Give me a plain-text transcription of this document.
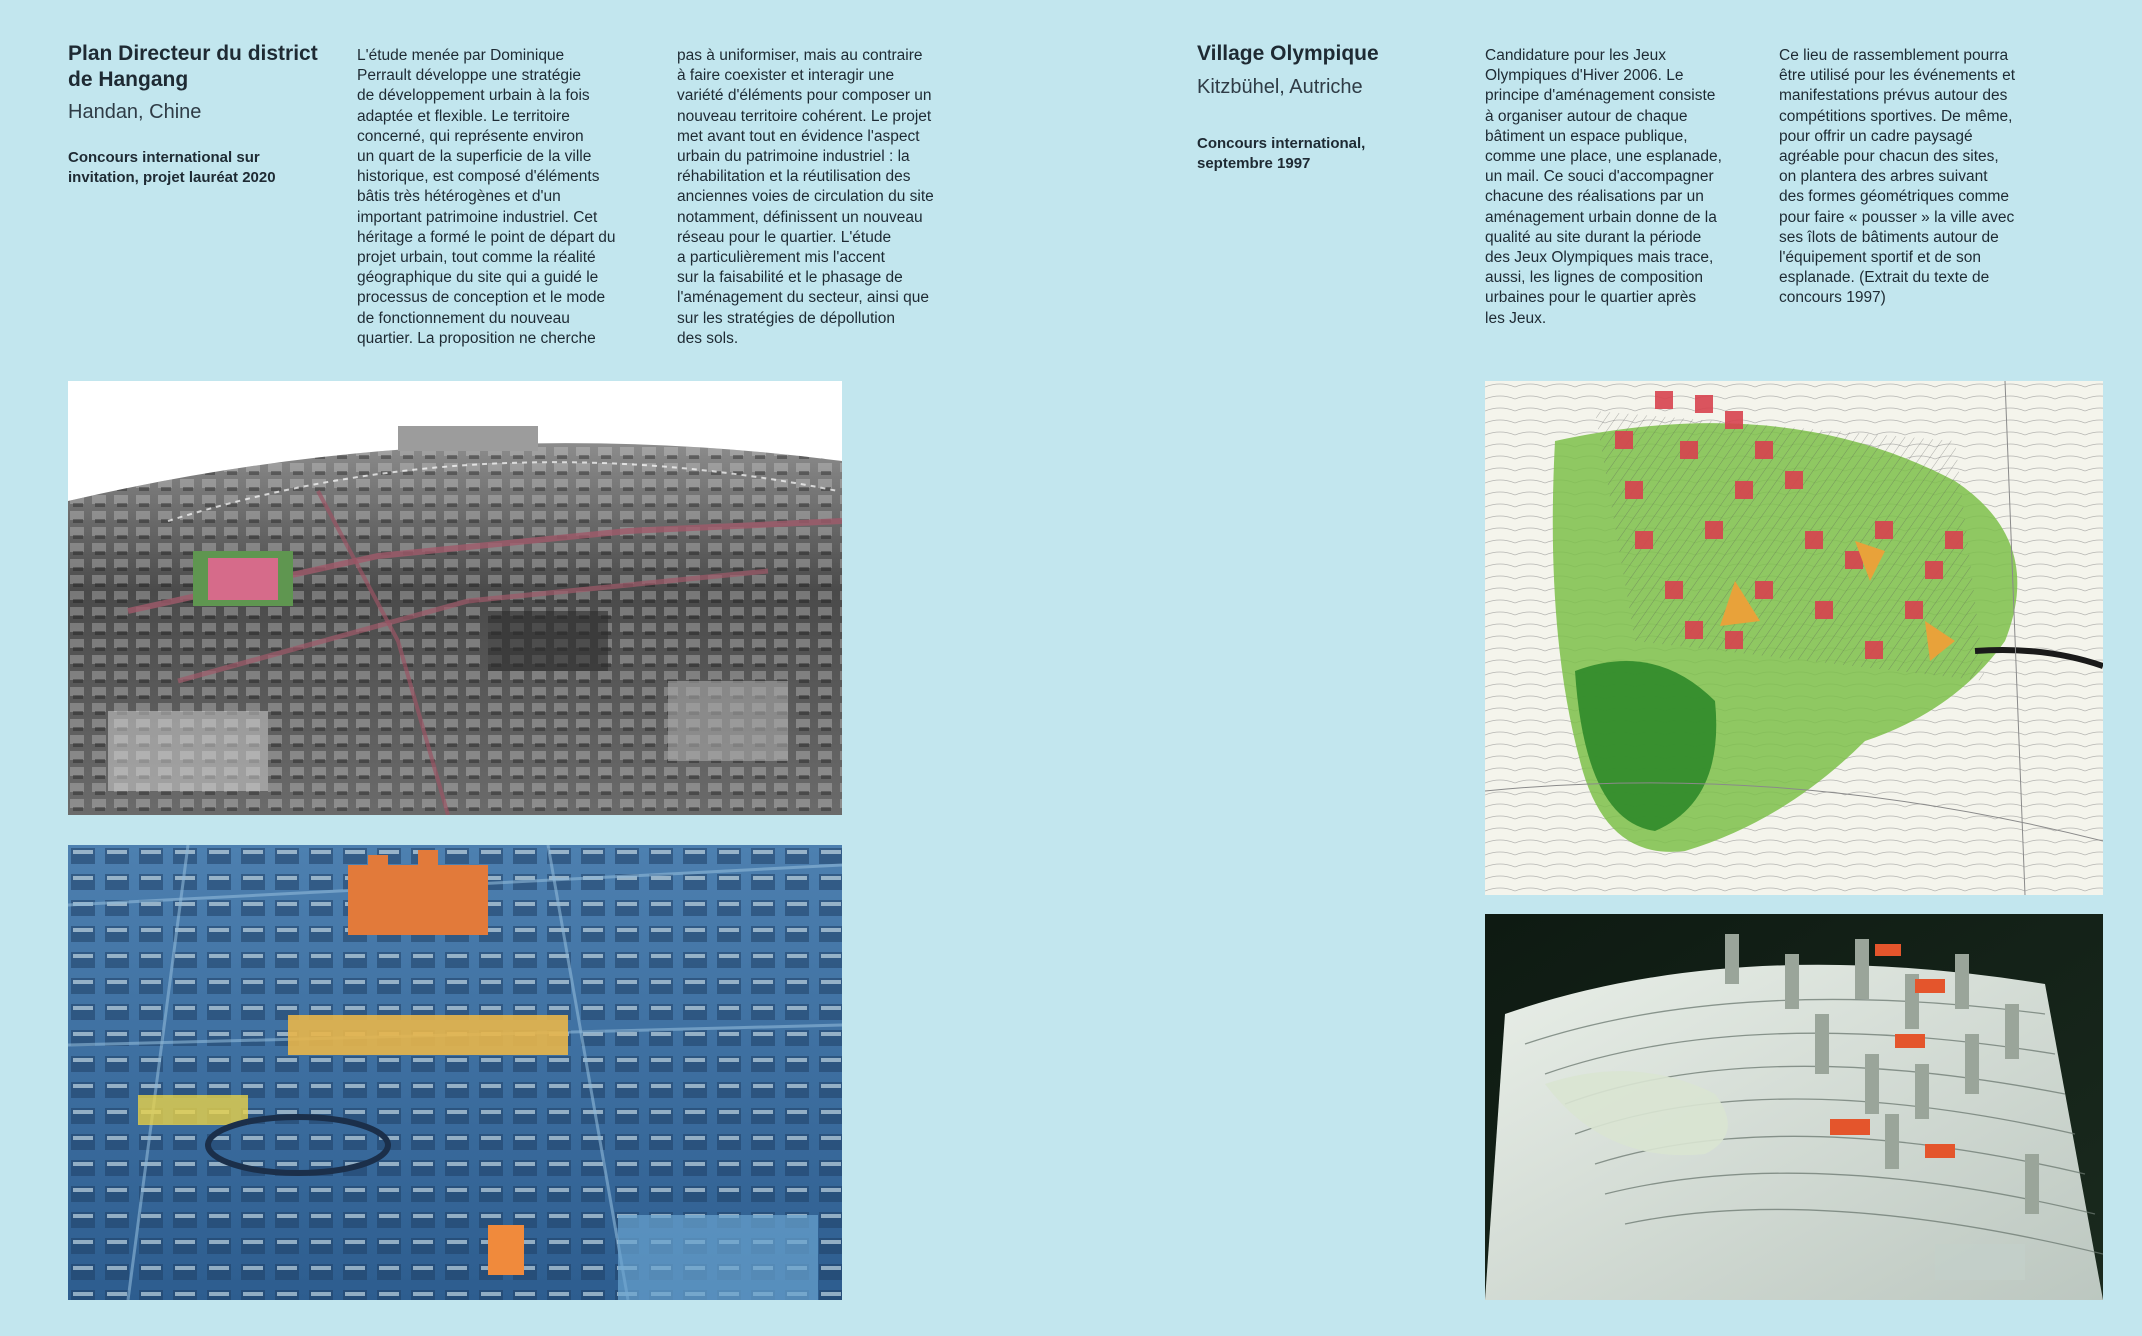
Plan Directeur du district
de Hangang
Handan, Chine
Concours international sur
invitation, projet lauréat 2020
L'étude menée par Dominique
Perrault développe une stratégie
de développement urbain à la fois
adaptée et flexible. Le territoire
concerné, qui représente environ
un quart de la superficie de la ville
historique, est composé d'éléments
bâtis très hétérogènes et d'un
important patrimoine industriel. Cet
héritage a formé le point de départ du
projet urbain, tout comme la réalité
géographique du site qui a guidé le
processus de conception et le mode
de fonctionnement du nouveau
quartier. La proposition ne cherche
pas à uniformiser, mais au contraire
à faire coexister et interagir une
variété d'éléments pour composer un
nouveau territoire cohérent. Le projet
met avant tout en évidence l'aspect
urbain du patrimoine industriel : la
réhabilitation et la réutilisation des
anciennes voies de circulation du site
notamment, définissent un nouveau
réseau pour le quartier. L'étude
a particulièrement mis l'accent
sur la faisabilité et le phasage de
l'aménagement du secteur, ainsi que
sur les stratégies de dépollution
des sols.
Village Olympique
Kitzbühel, Autriche
Concours international,
septembre 1997
Candidature pour les Jeux
Olympiques d'Hiver 2006. Le
principe d'aménagement consiste
à organiser autour de chaque
bâtiment un espace publique,
comme une place, une esplanade,
un mail. Ce souci d'accompagner
chacune des réalisations par un
aménagement urbain donne de la
qualité au site durant la période
des Jeux Olympiques mais trace,
aussi, les lignes de composition
urbaines pour le quartier après
les Jeux.
Ce lieu de rassemblement pourra
être utilisé pour les événements et
manifestations prévus autour des
compétitions sportives. De même,
pour offrir un cadre paysagé
agréable pour chacun des sites,
on plantera des arbres suivant
des formes géométriques comme
pour faire « pousser » la ville avec
ses îlots de bâtiments autour de
l'équipement sportif et de son
esplanade. (Extrait du texte de
concours 1997)
